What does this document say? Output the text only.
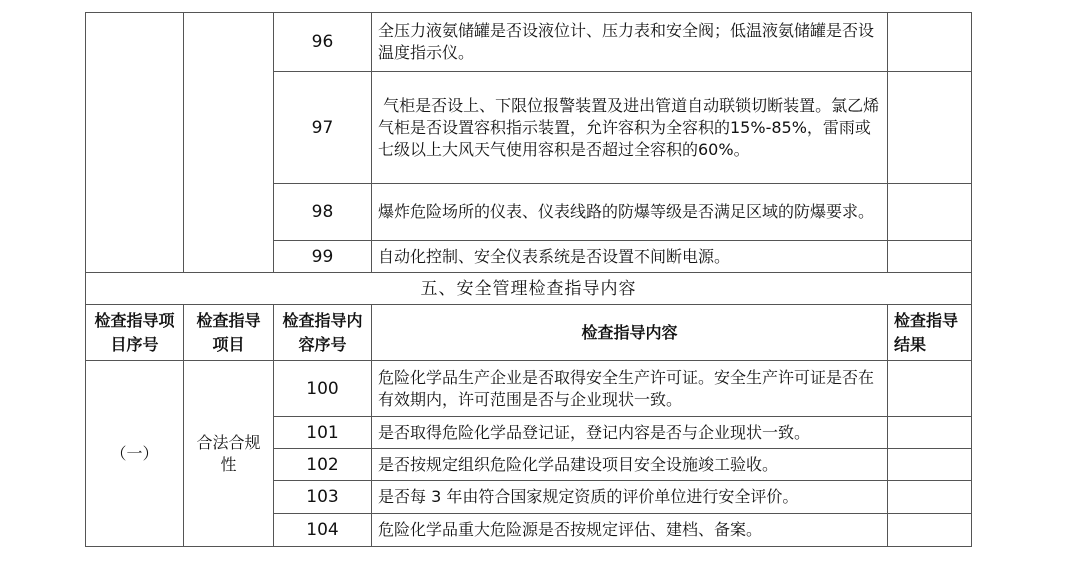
		96	全压力液氨储罐是否设液位计、压力表和安全阀；低温液氨储罐是否设温度指示仪。	
		97	气柜是否设上、下限位报警装置及进出管道自动联锁切断装置。氯乙烯气柜是否设置容积指示装置，允许容积为全容积的15%-85%，雷雨或七级以上大风天气使用容积是否超过全容积的60%。	
		98	爆炸危险场所的仪表、仪表线路的防爆等级是否满足区域的防爆要求。	
		99	自动化控制、安全仪表系统是否设置不间断电源。	
五、安全管理检查指导内容				
检查指导项目序号	检查指导项目	检查指导内容序号	检查指导内容	检查指导结果
（一）	合法合规性	100	危险化学品生产企业是否取得安全生产许可证。安全生产许可证是否在有效期内，许可范围是否与企业现状一致。	
		101	是否取得危险化学品登记证，登记内容是否与企业现状一致。	
		102	是否按规定组织危险化学品建设项目安全设施竣工验收。	
		103	是否每 3 年由符合国家规定资质的评价单位进行安全评价。	
		104	危险化学品重大危险源是否按规定评估、建档、备案。	
